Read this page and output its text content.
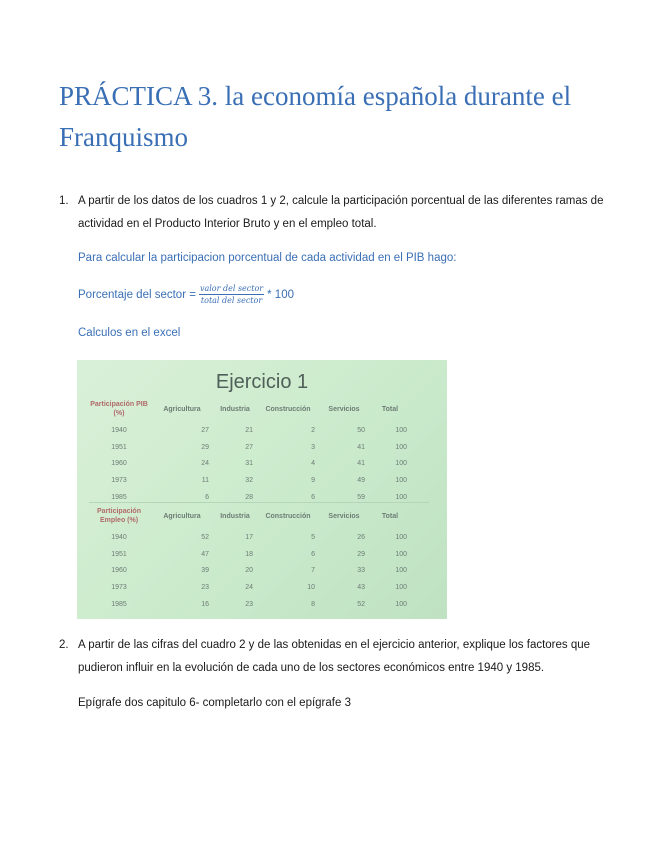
PRÁCTICA 3. la economía española durante el Franquismo
1. A partir de los datos de los cuadros 1 y 2, calcule la participación porcentual de las diferentes ramas de actividad en el Producto Interior Bruto y en el empleo total.
Para calcular la participacion porcentual de cada actividad en el PIB hago:
Porcentaje del sector = $\frac{\text{valor del sector}}{\text{total del sector}} * 100$
Calculos en el excel
Ejercicio 1
Participación PIB (%)	Agricultura	Industria	Construcción	Servicios	Total
1940	27	21	2	50	100
1951	29	27	3	41	100
1960	24	31	4	41	100
1973	11	32	9	49	100
1985	6	28	6	59	100
Participación Empleo (%)	Agricultura	Industria	Construcción	Servicios	Total
1940	52	17	5	26	100
1951	47	18	6	29	100
1960	39	20	7	33	100
1973	23	24	10	43	100
1985	16	23	8	52	100
2. A partir de las cifras del cuadro 2 y de las obtenidas en el ejercicio anterior, explique los factores que pudieron influir en la evolución de cada uno de los sectores económicos entre 1940 y 1985.
Epígrafe dos capitulo 6- completarlo con el epígrafe 3
